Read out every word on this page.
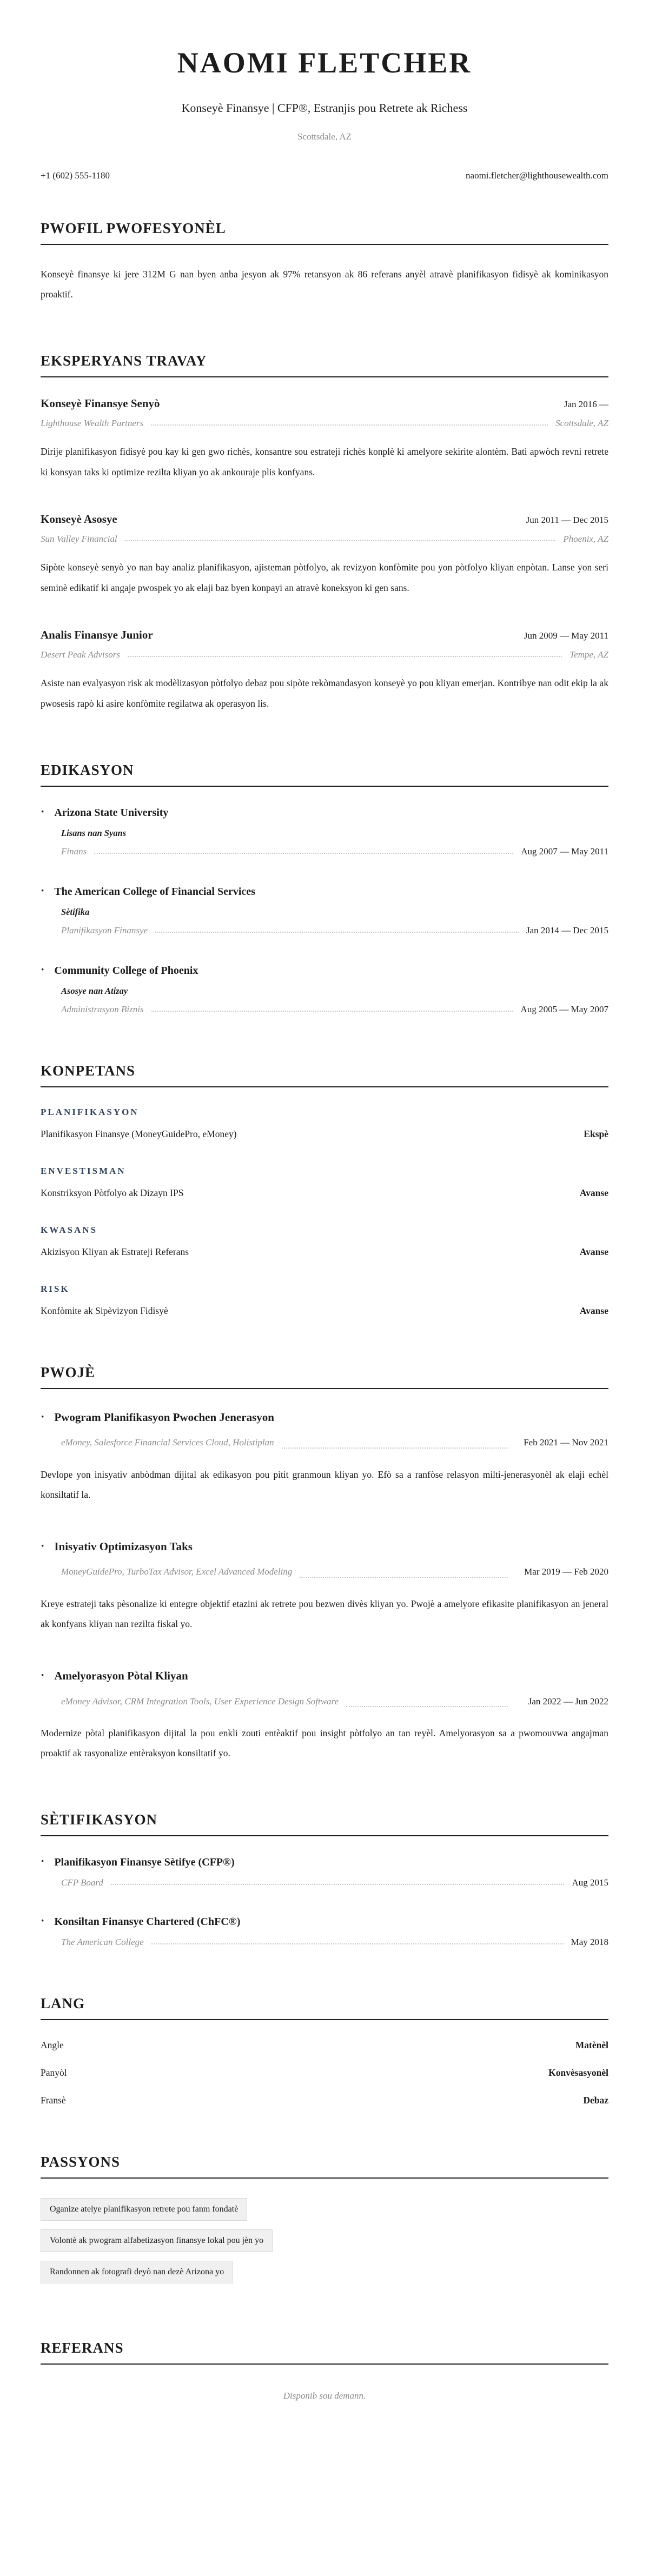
NAOMI FLETCHER
Konseyè Finansye | CFP®, Estranjis pou Retrete ak Richess
Scottsdale, AZ
+1 (602) 555-1180	naomi.fletcher@lighthousewealth.com
PWOFIL PWOFESYONÈL

Konseyè finansye ki jere 312M G nan byen anba jesyon ak 97% retansyon ak 86 referans anyèl atravè planifikasyon fidisyè ak kominikasyon proaktif.

EKSPERYANS TRAVAY
Konseyè Finansye Senyò	Jan 2016 —
Lighthouse Wealth Partners	Scottsdale, AZ

Dirije planifikasyon fidisyè pou kay ki gen gwo richès, konsantre sou estrateji richès konplè ki amelyore sekirite alontèm. Bati apwòch revni retrete ki konsyan taks ki optimize rezilta kliyan yo ak ankouraje plis konfyans.

Konseyè Asosye	Jun 2011 — Dec 2015
Sun Valley Financial	Phoenix, AZ

Sipòte konseyè senyò yo nan bay analiz planifikasyon, ajisteman pòtfolyo, ak revizyon konfòmite pou yon pòtfolyo kliyan enpòtan. Lanse yon seri seminè edikatif ki angaje pwospek yo ak elaji baz byen konpayi an atravè koneksyon ki gen sans.

Analis Finansye Junior	Jun 2009 — May 2011
Desert Peak Advisors	Tempe, AZ

Asiste nan evalyasyon risk ak modèlizasyon pòtfolyo debaz pou sipòte rekòmandasyon konseyè yo pou kliyan emerjan. Kontribye nan odit ekip la ak pwosesis rapò ki asire konfòmite regilatwa ak operasyon lis.

EDIKASYON
· Arizona State University
Lisans nan Syans
Finans	Aug 2007 — May 2011
· The American College of Financial Services
Sètifika
Planifikasyon Finansye	Jan 2014 — Dec 2015
· Community College of Phoenix
Asosye nan Atizay
Administrasyon Biznis	Aug 2005 — May 2007
KONPETANS
PLANIFIKASYON
Planifikasyon Finansye (MoneyGuidePro, eMoney)	Ekspè
ENVESTISMAN
Konstriksyon Pòtfolyo ak Dizayn IPS	Avanse
KWASANS
Akizisyon Kliyan ak Estrateji Referans	Avanse
RISK
Konfòmite ak Sipèvizyon Fidisyè	Avanse
PWOJÈ
· Pwogram Planifikasyon Pwochen Jenerasyon
eMoney, Salesforce Financial Services Cloud, Holistiplan	Feb 2021 — Nov 2021

Devlope yon inisyativ anbòdman dijital ak edikasyon pou pitit granmoun kliyan yo. Efò sa a ranfòse relasyon milti-jenerasyonèl ak elaji echèl konsiltatif la.

· Inisyativ Optimizasyon Taks
MoneyGuidePro, TurboTax Advisor, Excel Advanced Modeling	Mar 2019 — Feb 2020

Kreye estrateji taks pèsonalize ki entegre objektif etazini ak retrete pou bezwen divès kliyan yo. Pwojè a amelyore efikasite planifikasyon an jeneral ak konfyans kliyan nan rezilta fiskal yo.

· Amelyorasyon Pòtal Kliyan
eMoney Advisor, CRM Integration Tools, User Experience Design Software	Jan 2022 — Jun 2022

Modernize pòtal planifikasyon dijital la pou enkli zouti entèaktif pou insight pòtfolyo an tan reyèl. Amelyorasyon sa a pwomouvwa angajman proaktif ak rasyonalize entèraksyon konsiltatif yo.

SÈTIFIKASYON
· Planifikasyon Finansye Sètifye (CFP®)
CFP Board	Aug 2015
· Konsiltan Finansye Chartered (ChFC®)
The American College	May 2018
LANG
Angle	Matènèl
Panyòl	Konvèsasyonèl
Fransè	Debaz
PASSYONS
Oganize atelye planifikasyon retrete pou fanm fondatè
Volontè ak pwogram alfabetizasyon finansye lokal pou jèn yo
Randonnen ak fotografi deyò nan dezè Arizona yo
REFERANS
Disponib sou demann.
